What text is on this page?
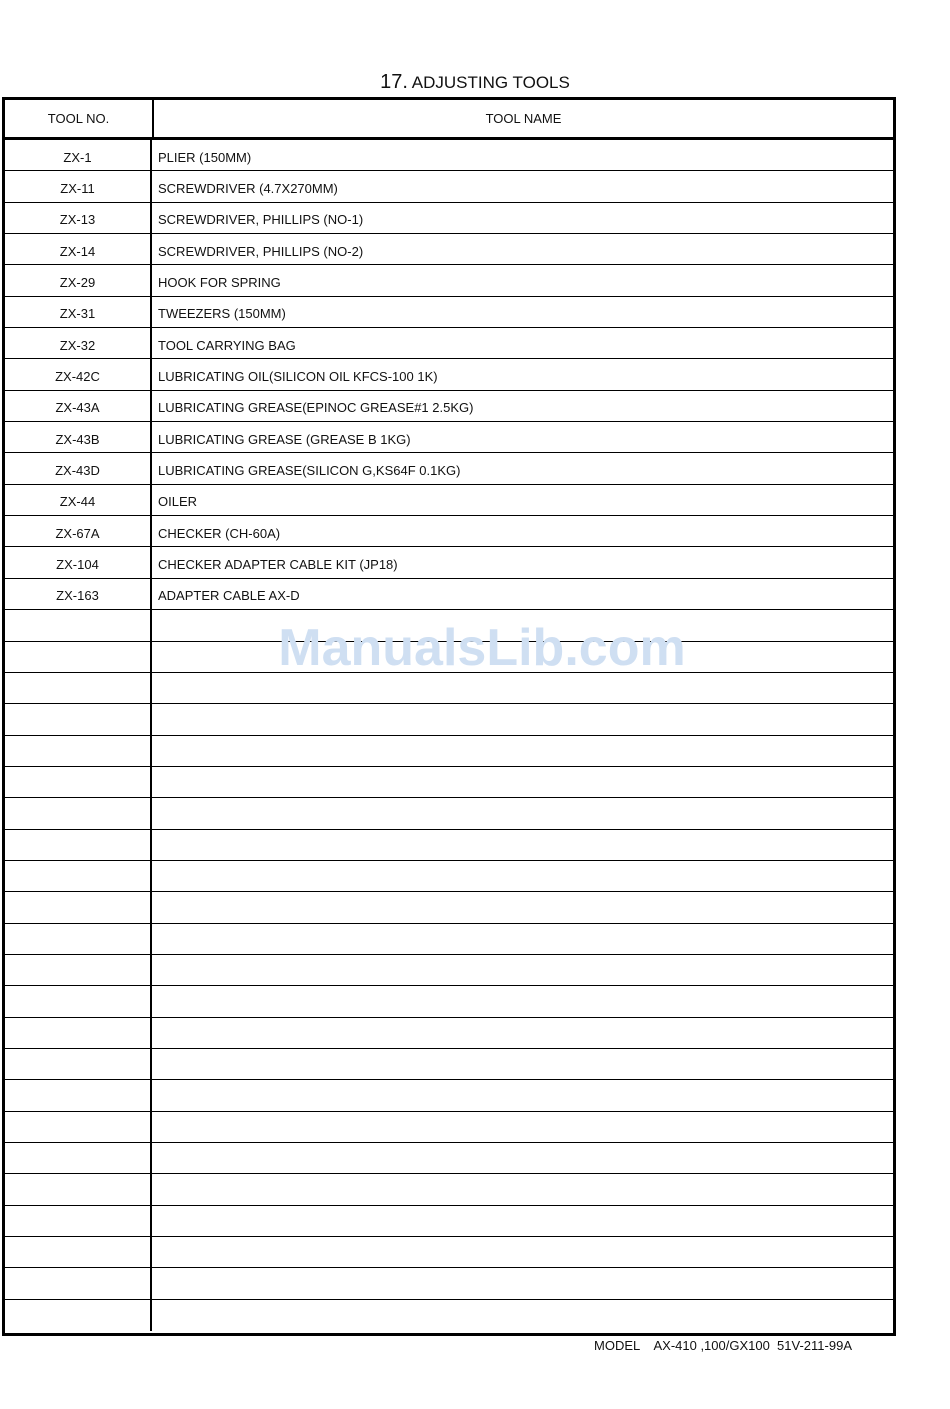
17. ADJUSTING TOOLS
TOOL NO.	TOOL NAME
ZX-1	PLIER (150MM)
ZX-11	SCREWDRIVER (4.7X270MM)
ZX-13	SCREWDRIVER, PHILLIPS (NO-1)
ZX-14	SCREWDRIVER, PHILLIPS (NO-2)
ZX-29	HOOK FOR SPRING
ZX-31	TWEEZERS (150MM)
ZX-32	TOOL CARRYING BAG
ZX-42C	LUBRICATING OIL(SILICON OIL KFCS-100 1K)
ZX-43A	LUBRICATING GREASE(EPINOC GREASE#1 2.5KG)
ZX-43B	LUBRICATING GREASE (GREASE B 1KG)
ZX-43D	LUBRICATING GREASE(SILICON G,KS64F 0.1KG)
ZX-44	OILER
ZX-67A	CHECKER (CH-60A)
ZX-104	CHECKER ADAPTER CABLE KIT (JP18)
ZX-163	ADAPTER CABLE AX-D
ManualsLib.com
MODEL    AX-410 ,100/GX100  51V-211-99A
